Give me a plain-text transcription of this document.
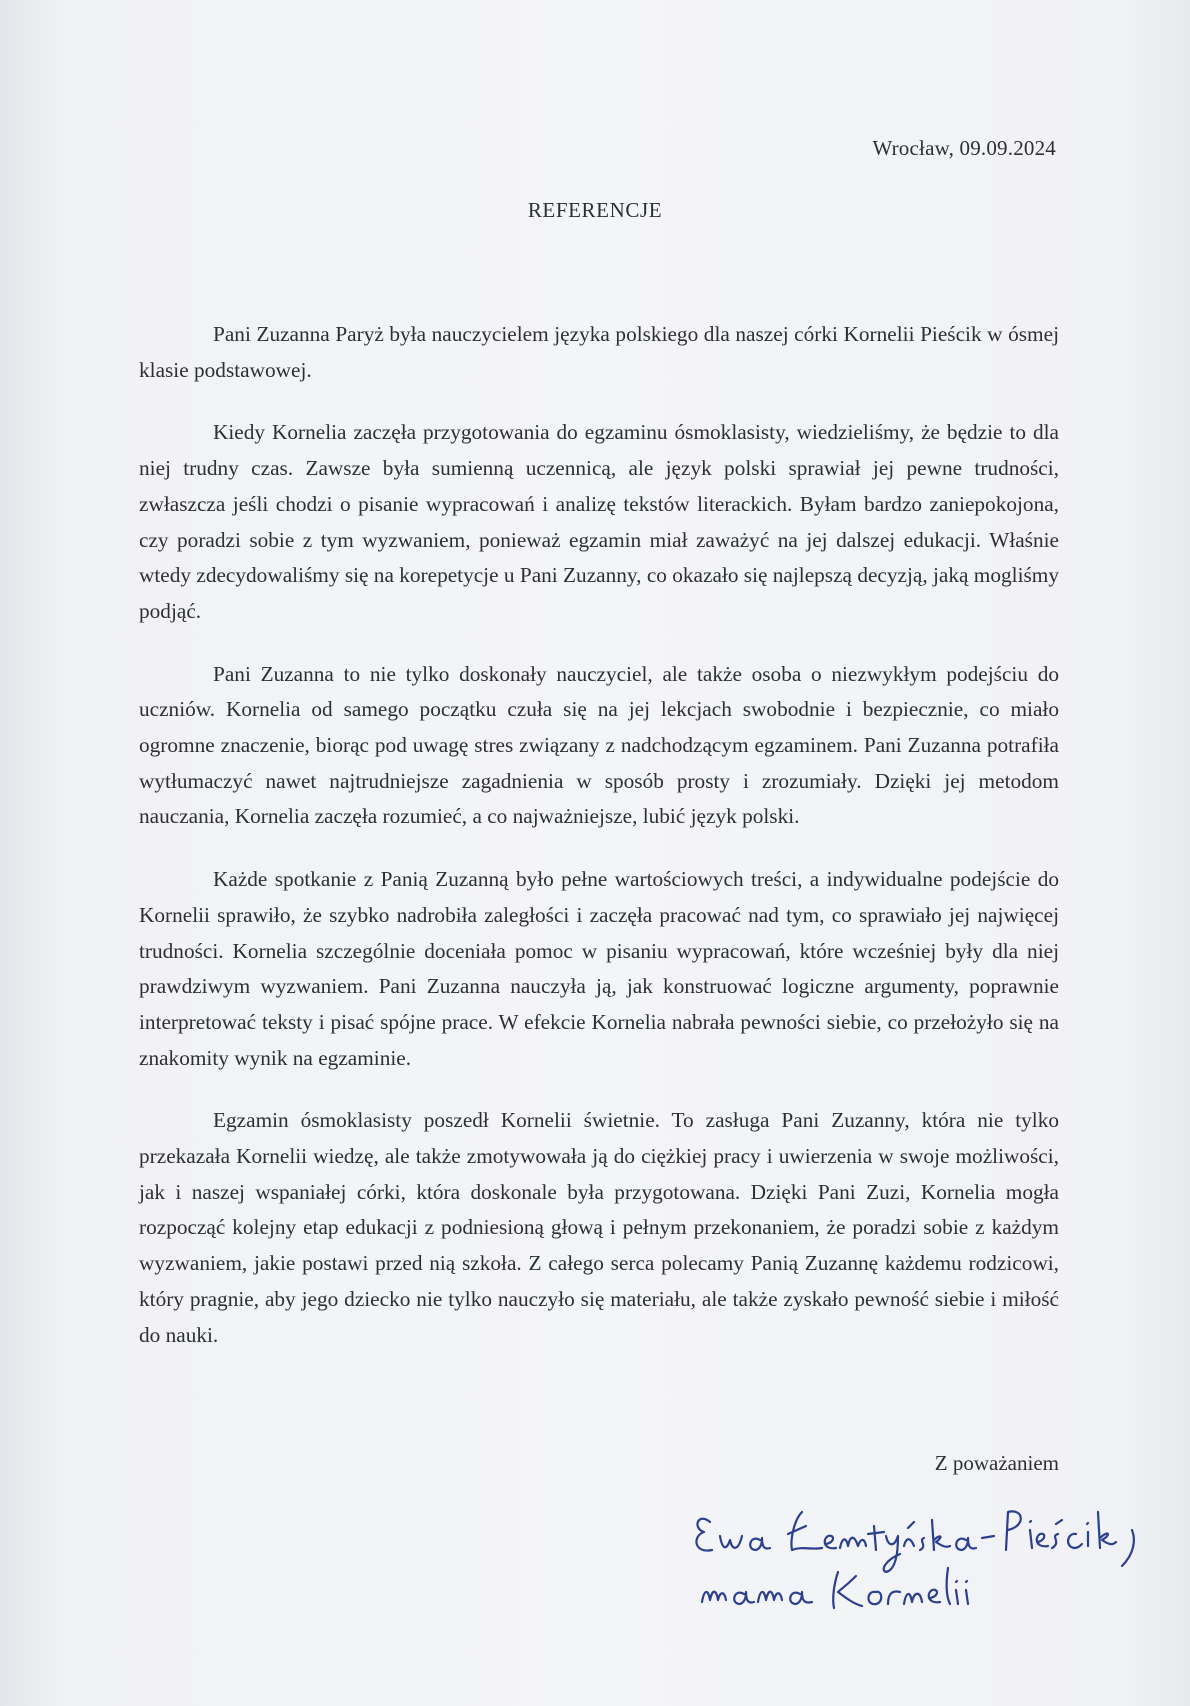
Wrocław, 09.09.2024
REFERENCJE

Pani Zuzanna Paryż była nauczycielem języka polskiego dla naszej córki Kornelii Pieścik w ósmej klasie podstawowej.

Kiedy Kornelia zaczęła przygotowania do egzaminu ósmoklasisty, wiedzieliśmy, że będzie to dla niej trudny czas. Zawsze była sumienną uczennicą, ale język polski sprawiał jej pewne trudności, zwłaszcza jeśli chodzi o pisanie wypracowań i analizę tekstów literackich. Byłam bardzo zaniepokojona, czy poradzi sobie z tym wyzwaniem, ponieważ egzamin miał zaważyć na jej dalszej edukacji. Właśnie wtedy zdecydowaliśmy się na korepetycje u Pani Zuzanny, co okazało się najlepszą decyzją, jaką mogliśmy podjąć.

Pani Zuzanna to nie tylko doskonały nauczyciel, ale także osoba o niezwykłym podejściu do uczniów. Kornelia od samego początku czuła się na jej lekcjach swobodnie i bezpiecznie, co miało ogromne znaczenie, biorąc pod uwagę stres związany z nadchodzącym egzaminem. Pani Zuzanna potrafiła wytłumaczyć nawet najtrudniejsze zagadnienia w sposób prosty i zrozumiały. Dzięki jej metodom nauczania, Kornelia zaczęła rozumieć, a co najważniejsze, lubić język polski.

Każde spotkanie z Panią Zuzanną było pełne wartościowych treści, a indywidualne podejście do Kornelii sprawiło, że szybko nadrobiła zaległości i zaczęła pracować nad tym, co sprawiało jej najwięcej trudności. Kornelia szczególnie doceniała pomoc w pisaniu wypracowań, które wcześniej były dla niej prawdziwym wyzwaniem. Pani Zuzanna nauczyła ją, jak konstruować logiczne argumenty, poprawnie interpretować teksty i pisać spójne prace. W efekcie Kornelia nabrała pewności siebie, co przełożyło się na znakomity wynik na egzaminie.

Egzamin ósmoklasisty poszedł Kornelii świetnie. To zasługa Pani Zuzanny, która nie tylko przekazała Kornelii wiedzę, ale także zmotywowała ją do ciężkiej pracy i uwierzenia w swoje możliwości, jak i naszej wspaniałej córki, która doskonale była przygotowana. Dzięki Pani Zuzi, Kornelia mogła rozpocząć kolejny etap edukacji z podniesioną głową i pełnym przekonaniem, że poradzi sobie z każdym wyzwaniem, jakie postawi przed nią szkoła. Z całego serca polecamy Panią Zuzannę każdemu rodzicowi, który pragnie, aby jego dziecko nie tylko nauczyło się materiału, ale także zyskało pewność siebie i miłość do nauki.

Z poważaniem
